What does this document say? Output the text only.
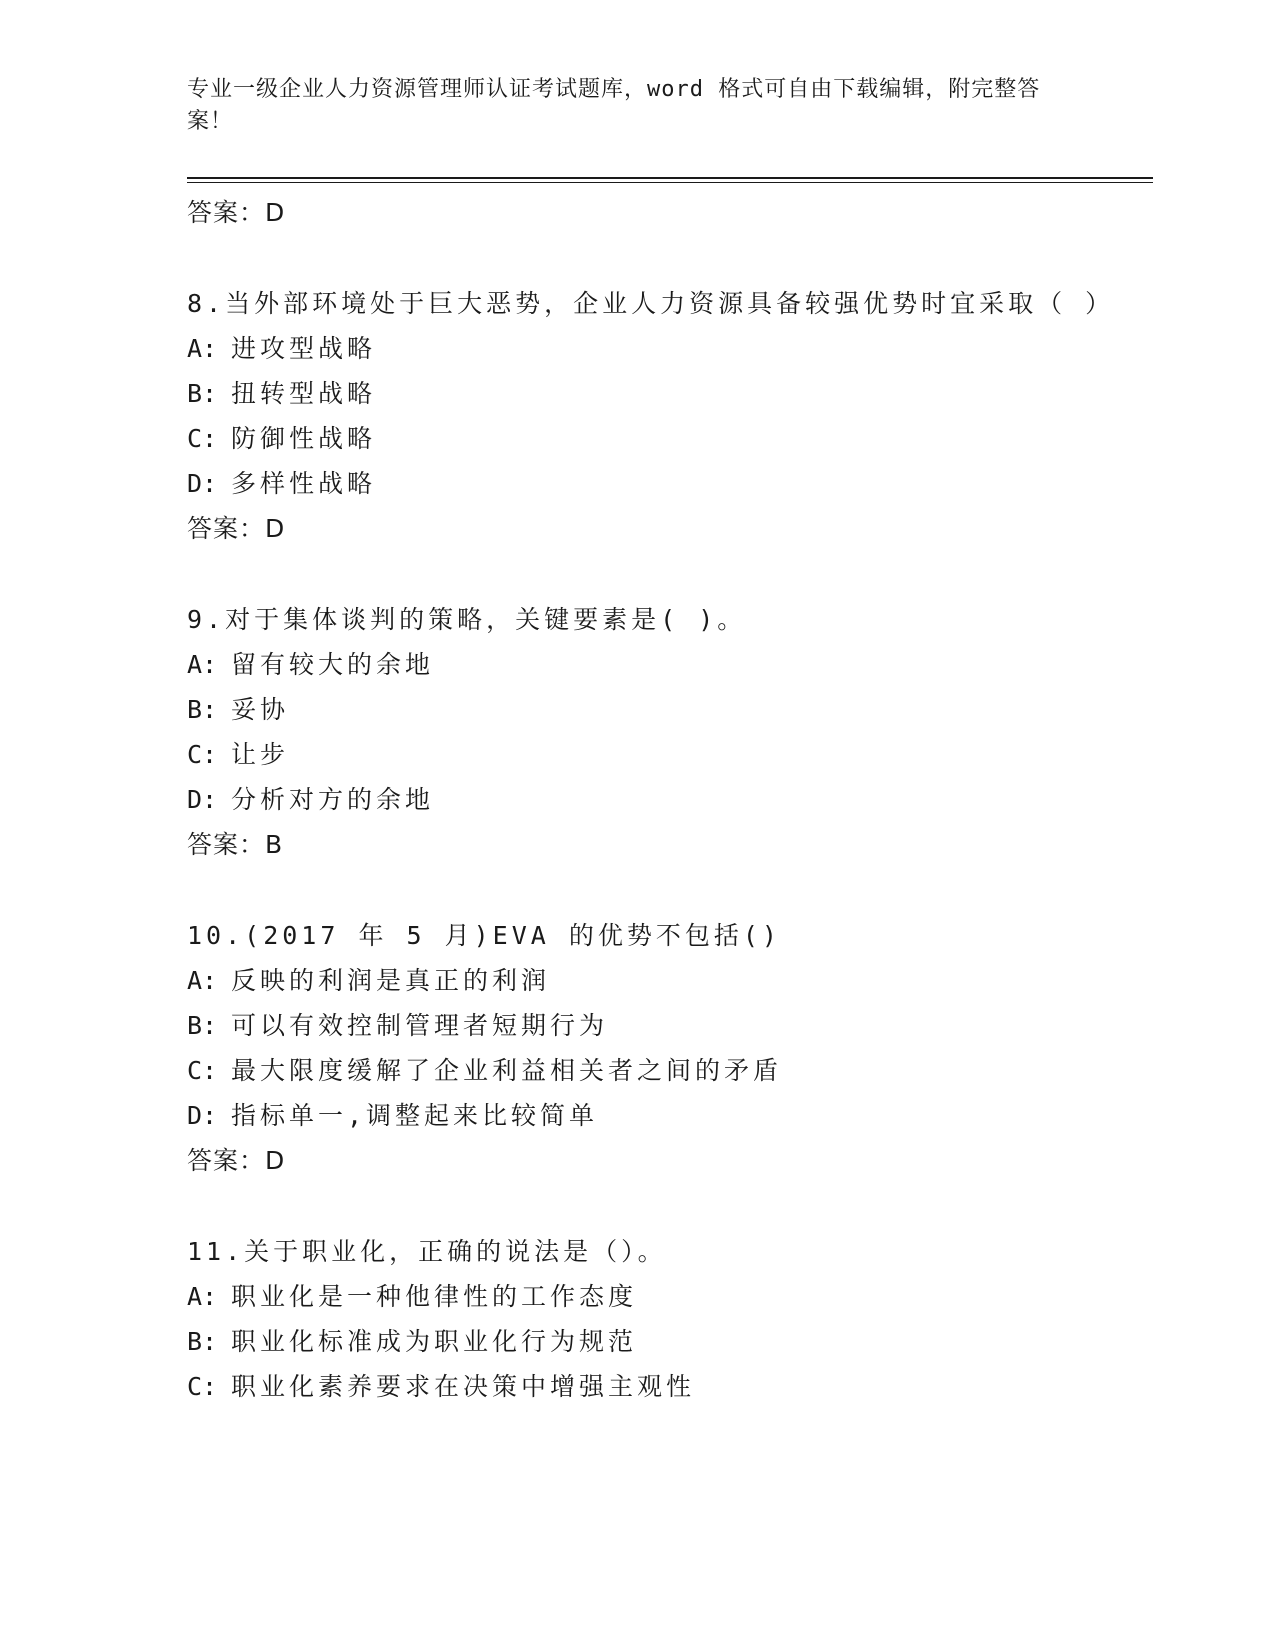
专业一级企业人力资源管理师认证考试题库，word 格式可自由下载编辑，附完整答案！
答案：D
8.当外部环境处于巨大恶势，企业人力资源具备较强优势时宜采取（ ）
A: 进攻型战略
B: 扭转型战略
C: 防御性战略
D: 多样性战略
答案：D
9.对于集体谈判的策略，关键要素是( )。
A: 留有较大的余地
B: 妥协
C: 让步
D: 分析对方的余地
答案：B
10.(2017 年 5 月)EVA 的优势不包括()
A: 反映的利润是真正的利润
B: 可以有效控制管理者短期行为
C: 最大限度缓解了企业利益相关者之间的矛盾
D: 指标单一,调整起来比较简单
答案：D
11.关于职业化，正确的说法是（）。
A: 职业化是一种他律性的工作态度
B: 职业化标准成为职业化行为规范
C: 职业化素养要求在决策中增强主观性
